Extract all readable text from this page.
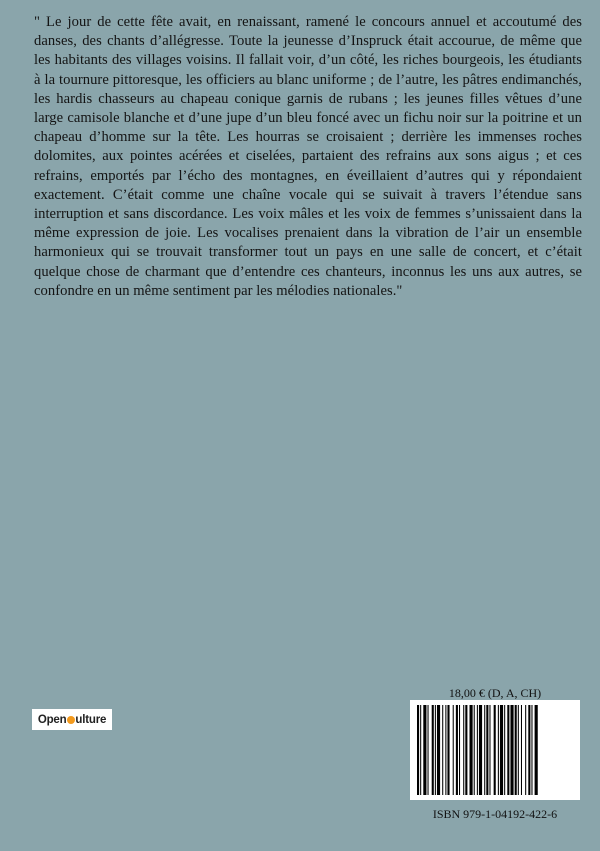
" Le jour de cette fête avait, en renaissant, ramené le concours annuel et accoutumé des danses, des chants d’allégresse. Toute la jeunesse d’Inspruck était accourue, de même que les habitants des villages voisins. Il fallait voir, d’un côté, les riches bourgeois, les étudiants à la tournure pittoresque, les officiers au blanc uniforme ; de l’autre, les pâtres endimanchés, les hardis chasseurs au chapeau conique garnis de rubans ; les jeunes filles vêtues d’une large camisole blanche et d’une jupe d’un bleu foncé avec un fichu noir sur la poitrine et un chapeau d’homme sur la tête. Les hourras se croisaient ; derrière les immenses roches dolomites, aux pointes acérées et ciselées, partaient des refrains aux sons aigus ; et ces refrains, emportés par l’écho des montagnes, en éveillaient d’autres qui y répondaient exactement. C’était comme une chaîne vocale qui se suivait à travers l’étendue sans interruption et sans discordance. Les voix mâles et les voix de femmes s’unissaient dans la même expression de joie. Les vocalises prenaient dans la vibration de l’air un ensemble harmonieux qui se trouvait transformer tout un pays en une salle de concert, et c’était quelque chose de charmant que d’entendre ces chanteurs, inconnus les uns aux autres, se confondre en un même sentiment par les mélodies nationales."

Open ulture
18,00 € (D, A, CH)
ISBN 979-1-04192-422-6
